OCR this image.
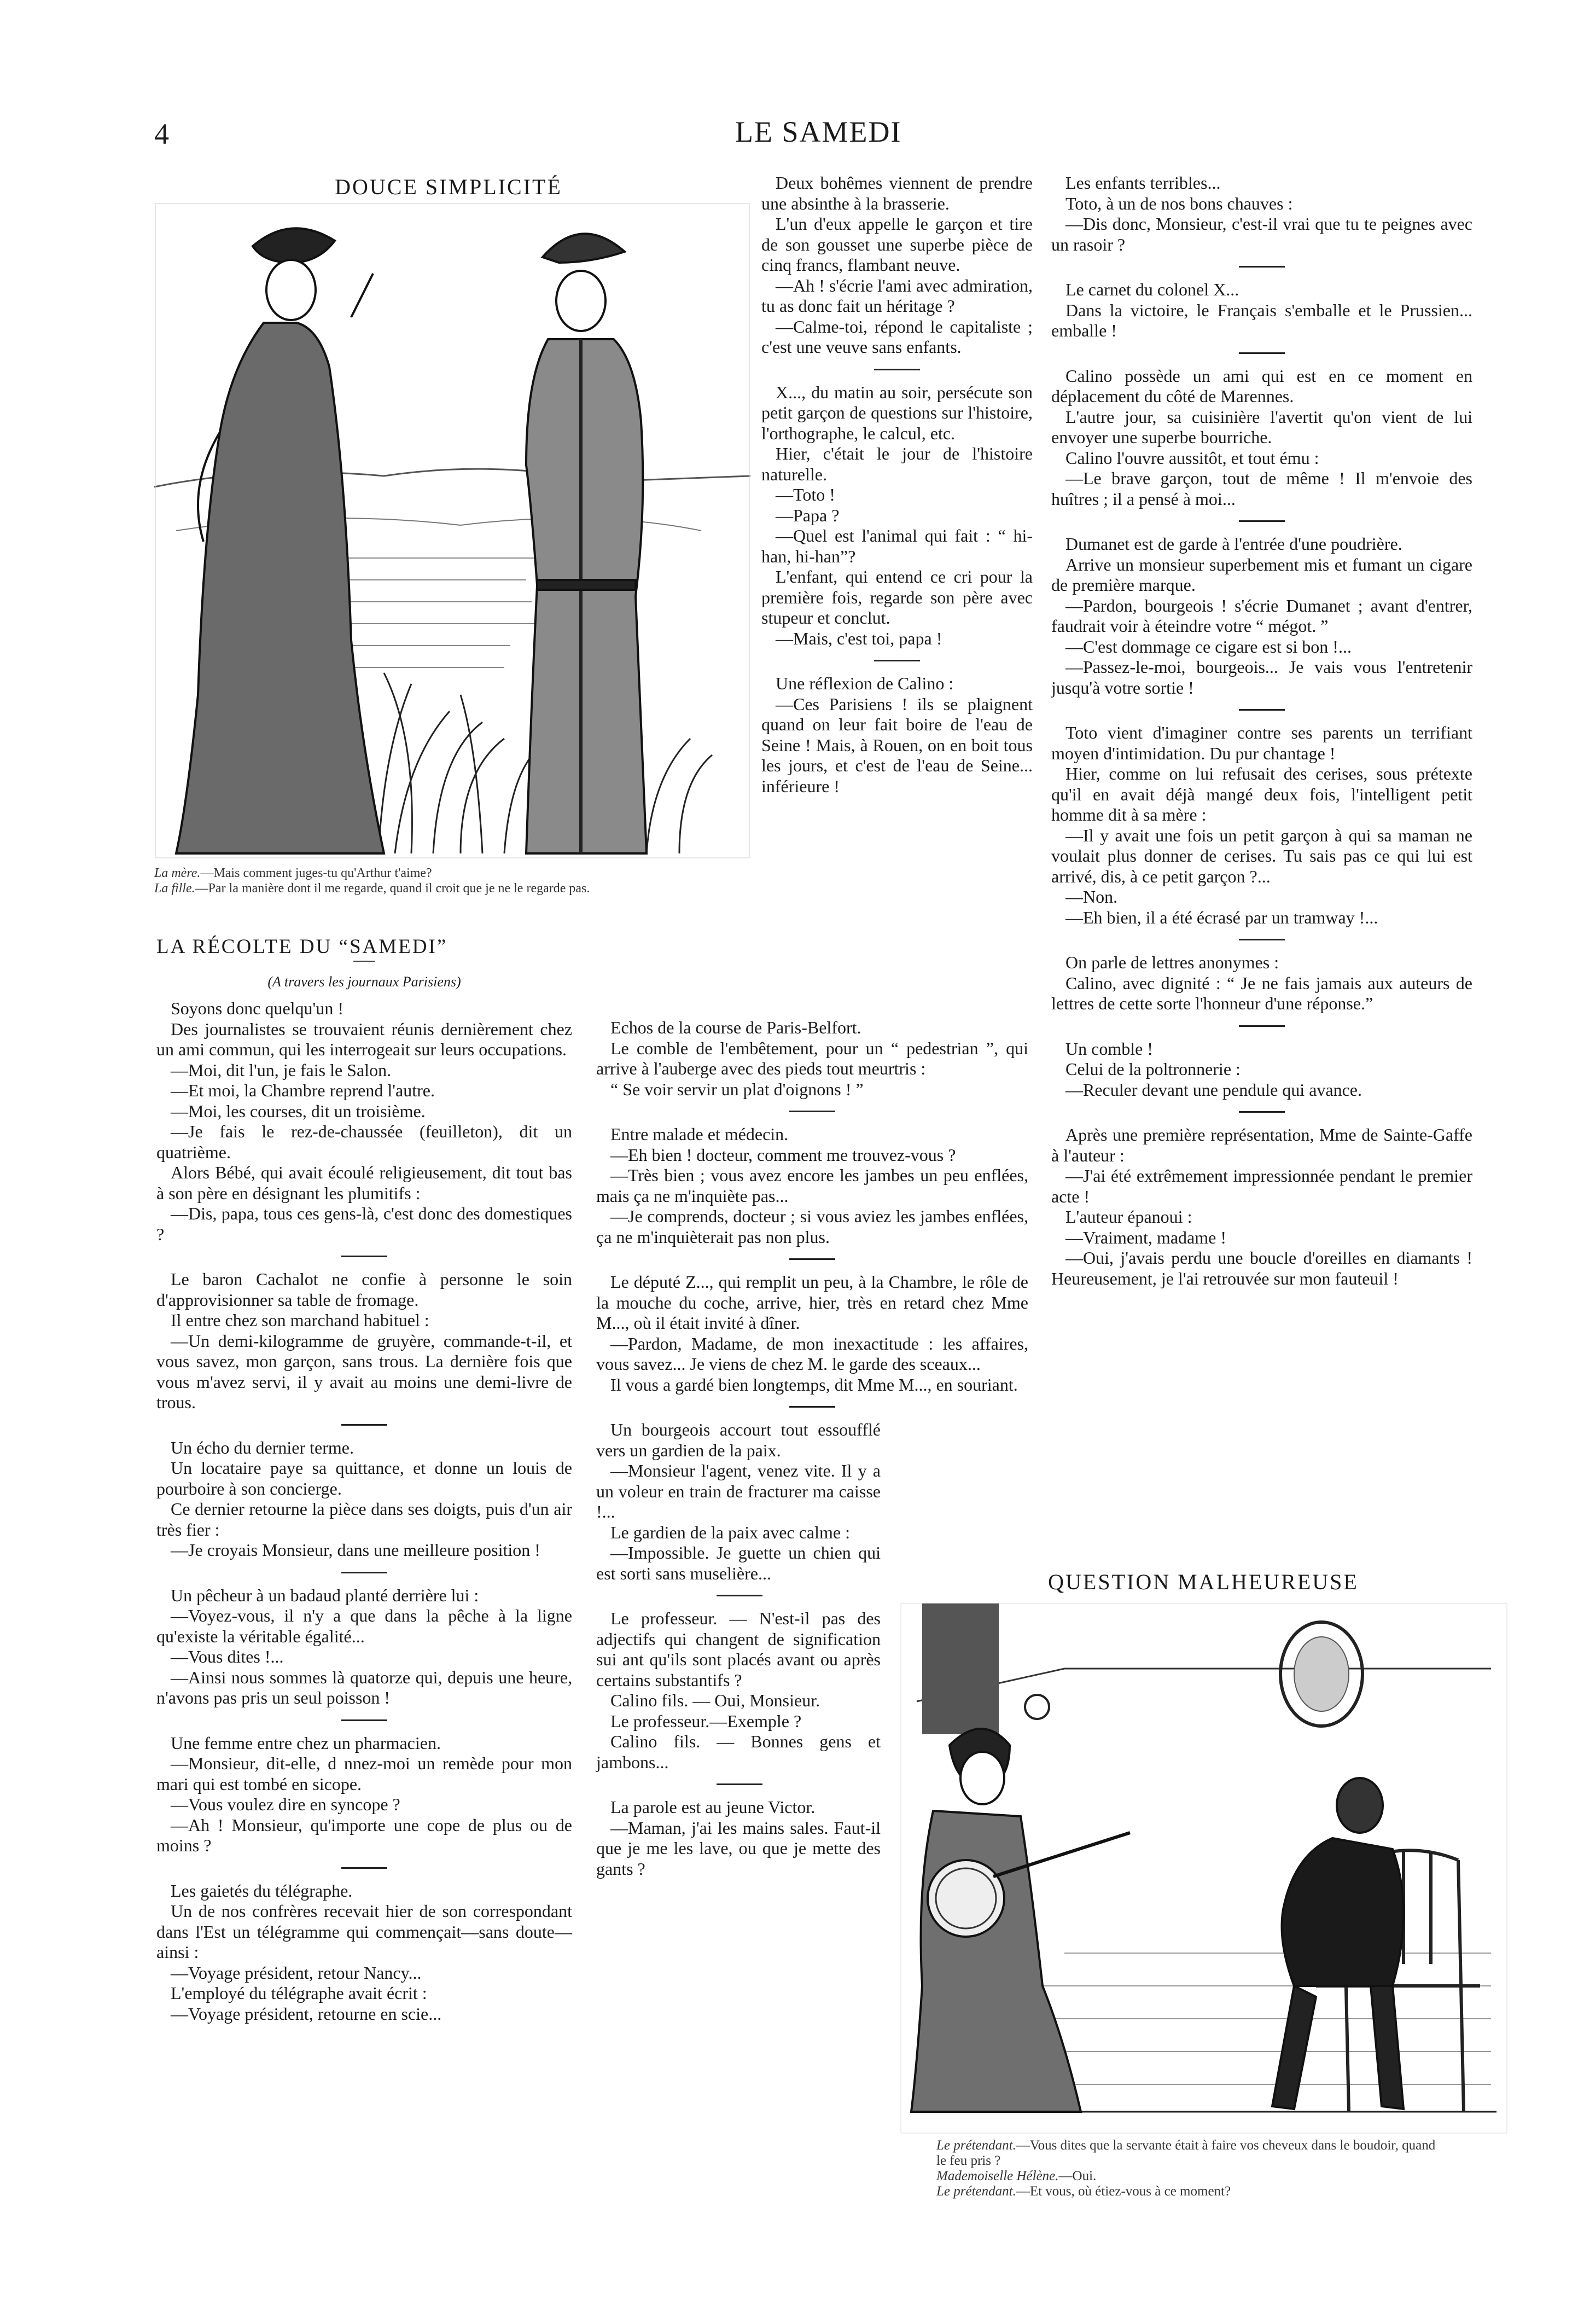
4	LE SAMEDI
DOUCE SIMPLICITÉ
La mère.—Mais comment juges-tu qu'Arthur t'aime?
La fille.—Par la manière dont il me regarde, quand il croit que je ne le regarde pas.

LA RÉCOLTE DU “SAMEDI”

(A travers les journaux Parisiens)

Soyons donc quelqu'un !

Des journalistes se trouvaient réunis dernièrement chez un ami commun, qui les interrogeait sur leurs occupations.

—Moi, dit l'un, je fais le Salon.

—Et moi, la Chambre reprend l'autre.

—Moi, les courses, dit un troisième.

—Je fais le rez-de-chaussée (feuilleton), dit un quatrième.

Alors Bébé, qui avait écoulé religieusement, dit tout bas à son père en désignant les plumitifs :

—Dis, papa, tous ces gens-là, c'est donc des domestiques ?

Le baron Cachalot ne confie à personne le soin d'approvisionner sa table de fromage.

Il entre chez son marchand habituel :

—Un demi-kilogramme de gruyère, commande-t-il, et vous savez, mon garçon, sans trous. La dernière fois que vous m'avez servi, il y avait au moins une demi-livre de trous.

Un écho du dernier terme.

Un locataire paye sa quittance, et donne un louis de pourboire à son concierge.

Ce dernier retourne la pièce dans ses doigts, puis d'un air très fier :

—Je croyais Monsieur, dans une meilleure position !

Un pêcheur à un badaud planté derrière lui :

—Voyez-vous, il n'y a que dans la pêche à la ligne qu'existe la véritable égalité...

—Vous dites !...

—Ainsi nous sommes là quatorze qui, depuis une heure, n'avons pas pris un seul poisson !

Une femme entre chez un pharmacien.

—Monsieur, dit-elle, d nnez-moi un remède pour mon mari qui est tombé en sicope.

—Vous voulez dire en syncope ?

—Ah ! Monsieur, qu'importe une cope de plus ou de moins ?

Les gaietés du télégraphe.

Un de nos confrères recevait hier de son correspondant dans l'Est un télégramme qui commençait—sans doute—ainsi :

—Voyage président, retour Nancy...

L'employé du télégraphe avait écrit :

—Voyage président, retourne en scie...

Deux bohêmes viennent de prendre une absinthe à la brasserie.

L'un d'eux appelle le garçon et tire de son gousset une superbe pièce de cinq francs, flambant neuve.

—Ah ! s'écrie l'ami avec admiration, tu as donc fait un héritage ?

—Calme-toi, répond le capitaliste ; c'est une veuve sans enfants.

X..., du matin au soir, persécute son petit garçon de questions sur l'histoire, l'orthographe, le calcul, etc.

Hier, c'était le jour de l'histoire naturelle.

—Toto !

—Papa ?

—Quel est l'animal qui fait : “ hi-han, hi-han”?

L'enfant, qui entend ce cri pour la première fois, regarde son père avec stupeur et conclut.

—Mais, c'est toi, papa !

Une réflexion de Calino :

—Ces Parisiens ! ils se plaignent quand on leur fait boire de l'eau de Seine ! Mais, à Rouen, on en boit tous les jours, et c'est de l'eau de Seine... inférieure !

Echos de la course de Paris-Belfort.

Le comble de l'embêtement, pour un “ pedestrian ”, qui arrive à l'auberge avec des pieds tout meurtris :

“ Se voir servir un plat d'oignons ! ”

Entre malade et médecin.

—Eh bien ! docteur, comment me trouvez-vous ?

—Très bien ; vous avez encore les jambes un peu enflées, mais ça ne m'inquiète pas...

—Je comprends, docteur ; si vous aviez les jambes enflées, ça ne m'inquièterait pas non plus.

Le député Z..., qui remplit un peu, à la Chambre, le rôle de la mouche du coche, arrive, hier, très en retard chez Mme M..., où il était invité à dîner.

—Pardon, Madame, de mon inexactitude : les affaires, vous savez... Je viens de chez M. le garde des sceaux...

Il vous a gardé bien longtemps, dit Mme M..., en souriant.

Un bourgeois accourt tout essoufflé vers un gardien de la paix.

—Monsieur l'agent, venez vite. Il y a un voleur en train de fracturer ma caisse !...

Le gardien de la paix avec calme :

—Impossible. Je guette un chien qui est sorti sans muselière...

Le professeur. — N'est-il pas des adjectifs qui changent de signification sui ant qu'ils sont placés avant ou après certains substantifs ?

Calino fils. — Oui, Monsieur.

Le professeur.—Exemple ?

Calino fils. — Bonnes gens et jambons...

La parole est au jeune Victor.

—Maman, j'ai les mains sales. Faut-il que je me les lave, ou que je mette des gants ?

Les enfants terribles...

Toto, à un de nos bons chauves :

—Dis donc, Monsieur, c'est-il vrai que tu te peignes avec un rasoir ?

Le carnet du colonel X...

Dans la victoire, le Français s'emballe et le Prussien... emballe !

Calino possède un ami qui est en ce moment en déplacement du côté de Marennes.

L'autre jour, sa cuisinière l'avertit qu'on vient de lui envoyer une superbe bourriche.

Calino l'ouvre aussitôt, et tout ému :

—Le brave garçon, tout de même ! Il m'envoie des huîtres ; il a pensé à moi...

Dumanet est de garde à l'entrée d'une poudrière.

Arrive un monsieur superbement mis et fumant un cigare de première marque.

—Pardon, bourgeois ! s'écrie Dumanet ; avant d'entrer, faudrait voir à éteindre votre “ mégot. ”

—C'est dommage ce cigare est si bon !...

—Passez-le-moi, bourgeois... Je vais vous l'entretenir jusqu'à votre sortie !

Toto vient d'imaginer contre ses parents un terrifiant moyen d'intimidation. Du pur chantage !

Hier, comme on lui refusait des cerises, sous prétexte qu'il en avait déjà mangé deux fois, l'intelligent petit homme dit à sa mère :

—Il y avait une fois un petit garçon à qui sa maman ne voulait plus donner de cerises. Tu sais pas ce qui lui est arrivé, dis, à ce petit garçon ?...

—Non.

—Eh bien, il a été écrasé par un tramway !...

On parle de lettres anonymes :

Calino, avec dignité : “ Je ne fais jamais aux auteurs de lettres de cette sorte l'honneur d'une réponse.”

Un comble !

Celui de la poltronnerie :

—Reculer devant une pendule qui avance.

Après une première représentation, Mme de Sainte-Gaffe à l'auteur :

—J'ai été extrêmement impressionnée pendant le premier acte !

L'auteur épanoui :

—Vraiment, madame !

—Oui, j'avais perdu une boucle d'oreilles en diamants ! Heureusement, je l'ai retrouvée sur mon fauteuil !

QUESTION MALHEUREUSE
Le prétendant.—Vous dites que la servante était à faire vos cheveux dans le boudoir, quand le feu pris ?
Mademoiselle Hélène.—Oui.
Le prétendant.—Et vous, où étiez-vous à ce moment?
